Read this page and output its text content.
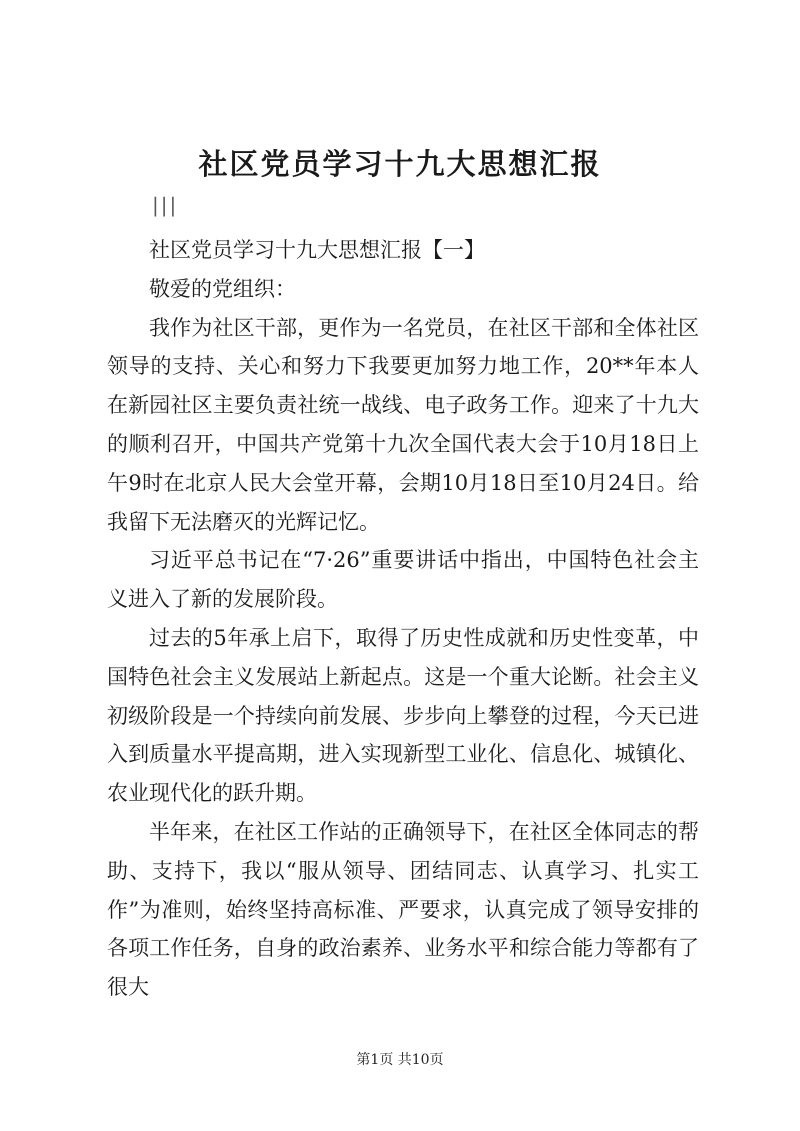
社区党员学习十九大思想汇报
|||

社区党员学习十九大思想汇报【一】

敬爱的党组织：

我作为社区干部，更作为一名党员，在社区干部和全体社区领导的支持、关心和努力下我要更加努力地工作，20**年本人在新园社区主要负责社统一战线、电子政务工作。迎来了十九大的顺利召开，中国共产党第十九次全国代表大会于10月18日上午9时在北京人民大会堂开幕，会期10月18日至10月24日。给我留下无法磨灭的光辉记忆。

习近平总书记在“7·26”重要讲话中指出，中国特色社会主义进入了新的发展阶段。

过去的5年承上启下，取得了历史性成就和历史性变革，中国特色社会主义发展站上新起点。这是一个重大论断。社会主义初级阶段是一个持续向前发展、步步向上攀登的过程，今天已进入到质量水平提高期，进入实现新型工业化、信息化、城镇化、农业现代化的跃升期。

半年来，在社区工作站的正确领导下，在社区全体同志的帮助、支持下，我以“服从领导、团结同志、认真学习、扎实工作”为准则，始终坚持高标准、严要求，认真完成了领导安排的各项工作任务，自身的政治素养、业务水平和综合能力等都有了很大

第1页 共10页
